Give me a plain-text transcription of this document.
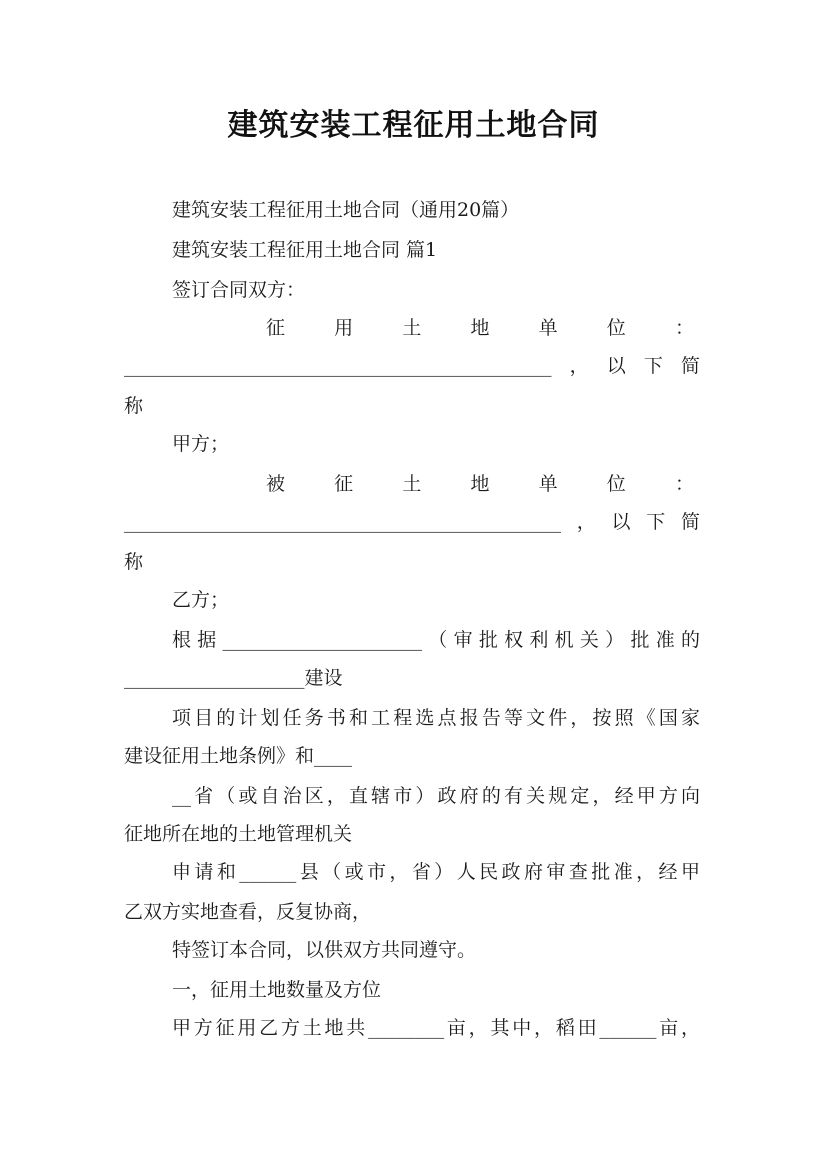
建筑安装工程征用土地合同
建筑安装工程征用土地合同（通用20篇）
建筑安装工程征用土地合同 篇1
签订合同双方：
征	用	土	地	单	位	：
_____________________________________________，以下简
称
甲方；
被	征	土	地	单	位	：
______________________________________________，以下简
称
乙方；
根据_____________________（审批权利机关）批准的
___________________建设
项目的计划任务书和工程选点报告等文件，按照《国家
建设征用土地条例》和____
__省（或自治区，直辖市）政府的有关规定，经甲方向
征地所在地的土地管理机关
申请和______县（或市，省）人民政府审查批准，经甲
乙双方实地查看，反复协商，
特签订本合同，以供双方共同遵守。
一，征用土地数量及方位
甲方征用乙方土地共________亩，其中，稻田______亩，
